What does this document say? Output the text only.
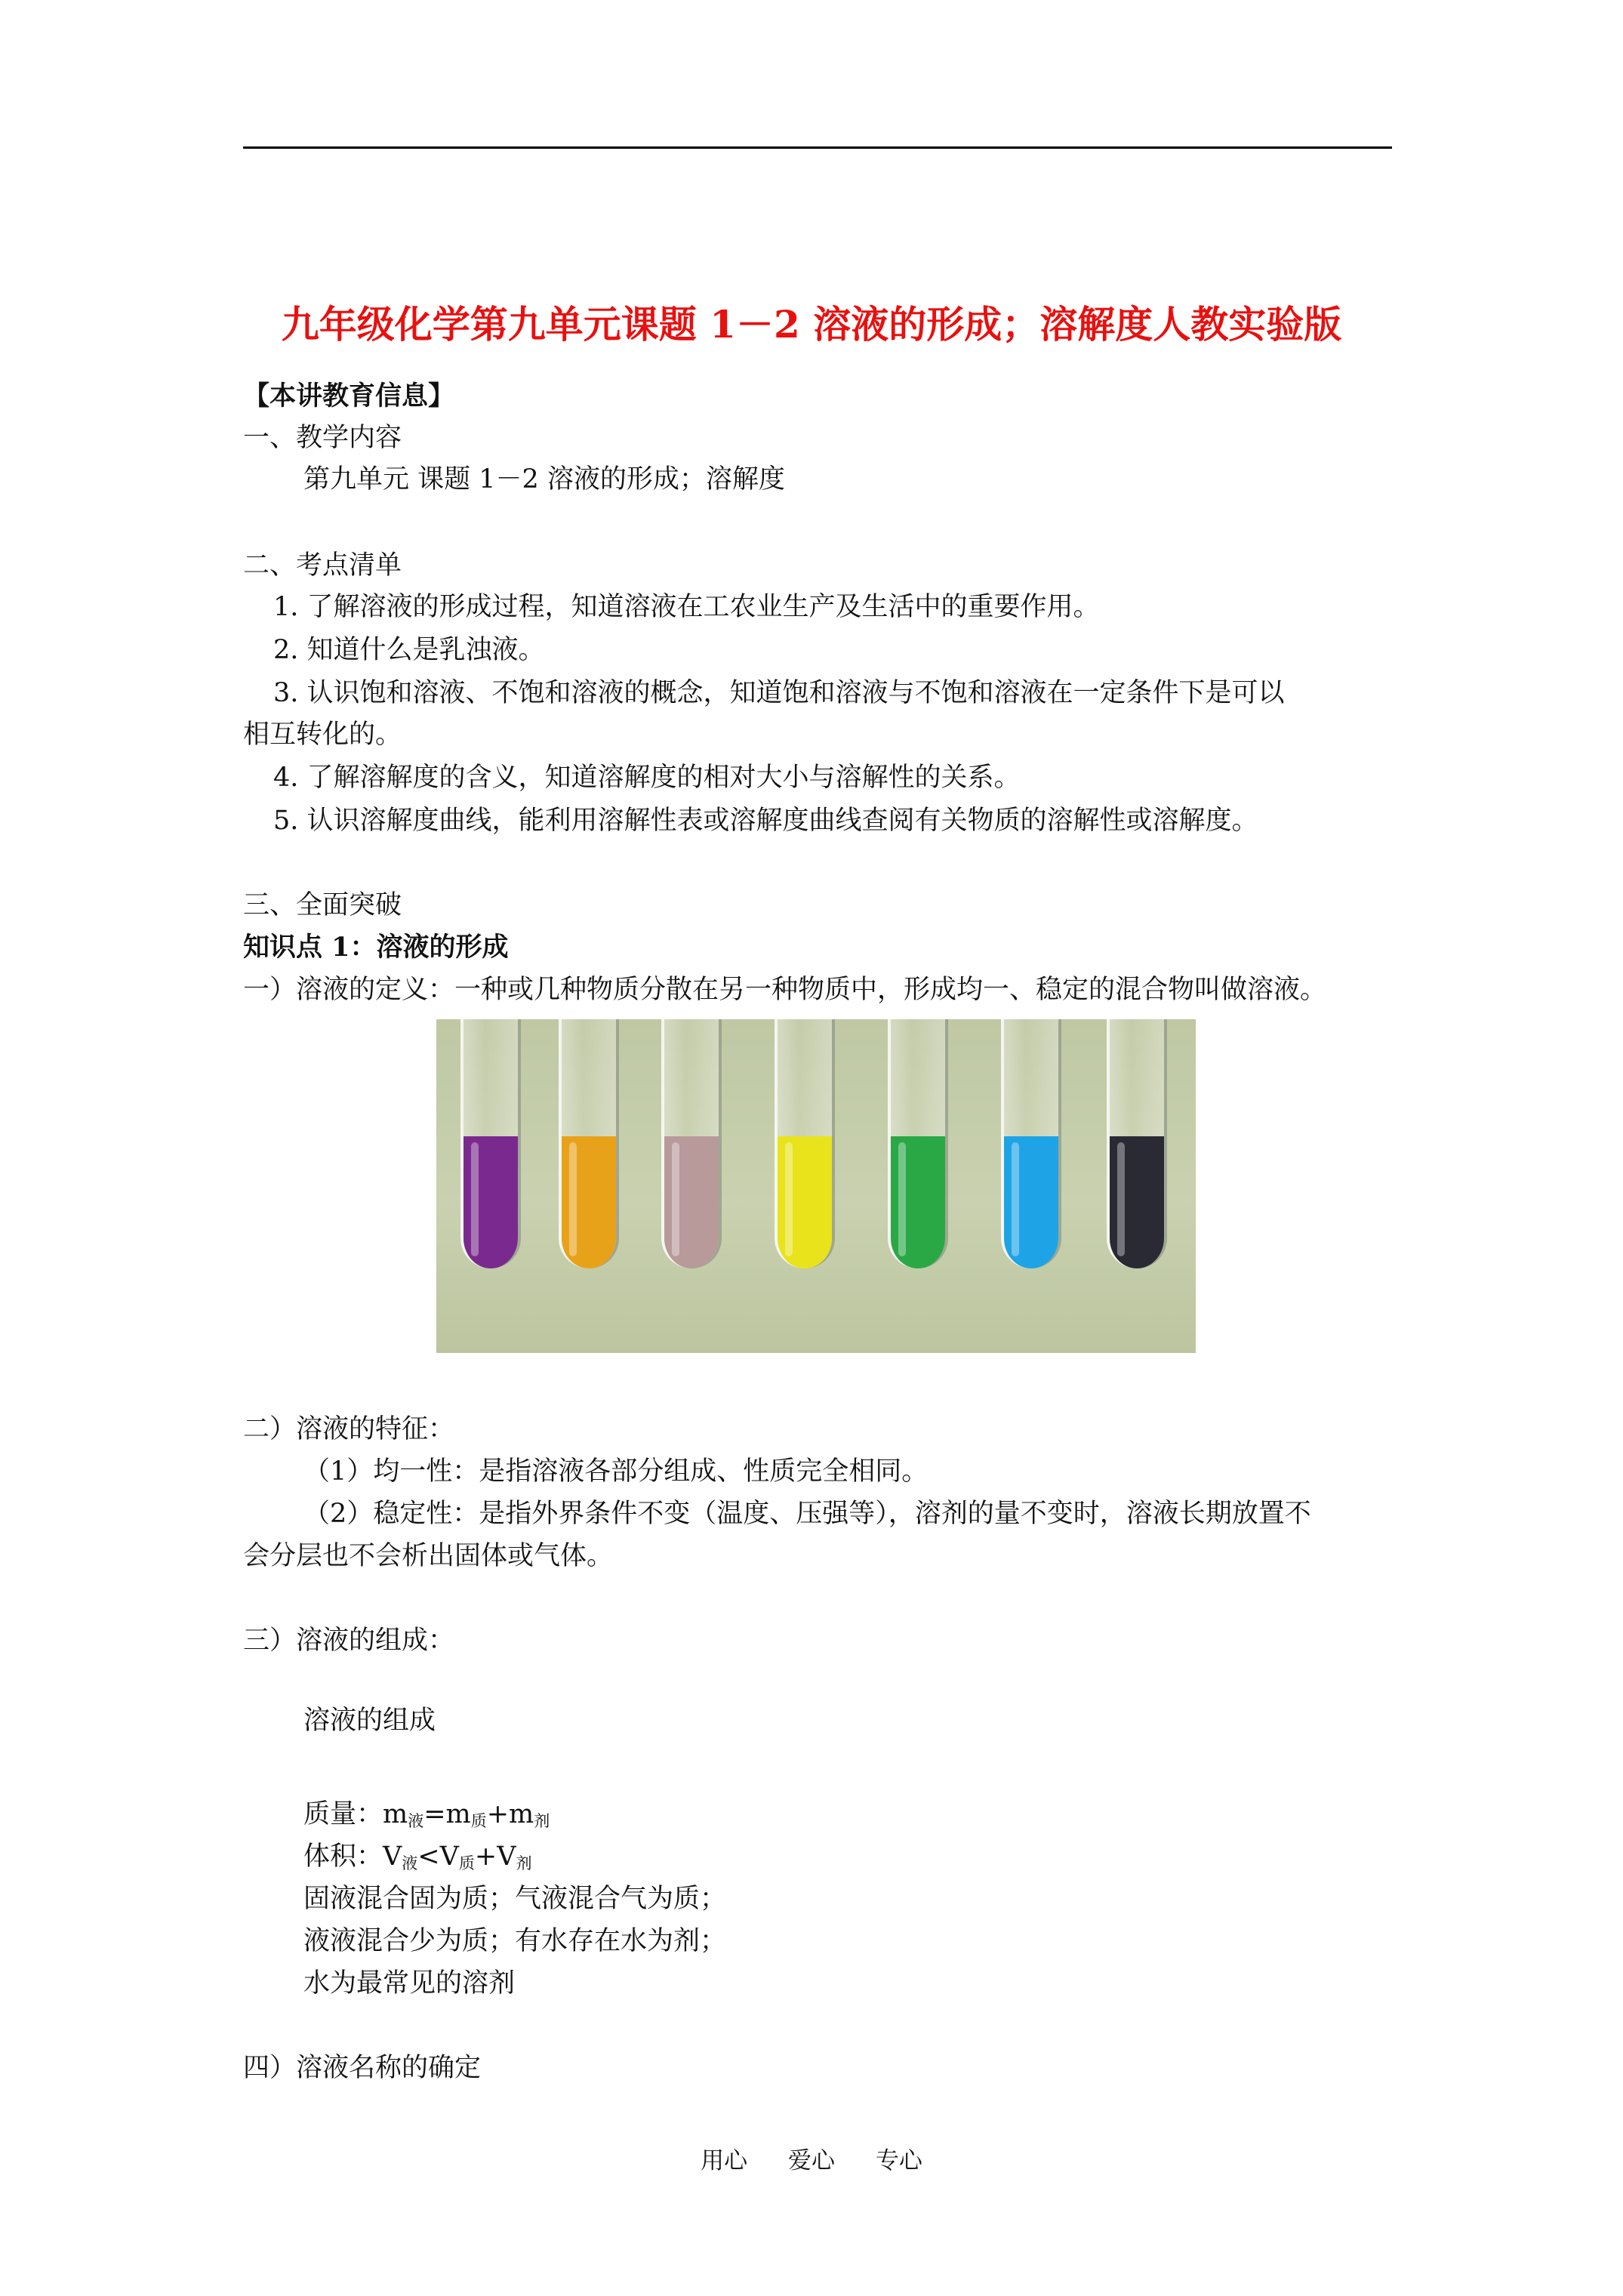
九年级化学第九单元课题 1－2 溶液的形成；溶解度人教实验版
【本讲教育信息】
一、教学内容
第九单元 课题 1－2 溶液的形成；溶解度
二、考点清单
1. 了解溶液的形成过程，知道溶液在工农业生产及生活中的重要作用。
2. 知道什么是乳浊液。
3. 认识饱和溶液、不饱和溶液的概念，知道饱和溶液与不饱和溶液在一定条件下是可以
相互转化的。
4. 了解溶解度的含义，知道溶解度的相对大小与溶解性的关系。
5. 认识溶解度曲线，能利用溶解性表或溶解度曲线查阅有关物质的溶解性或溶解度。
三、全面突破
知识点 1：溶液的形成
一）溶液的定义：一种或几种物质分散在另一种物质中，形成均一、稳定的混合物叫做溶液。
二）溶液的特征：
（1）均一性：是指溶液各部分组成、性质完全相同。
（2）稳定性：是指外界条件不变（温度、压强等），溶剂的量不变时，溶液长期放置不
会分层也不会析出固体或气体。
三）溶液的组成：
溶液的组成
质量：$m_液=m_质+m_剂$
体积：$V_液<V_质+V_剂$
固液混合固为质；气液混合气为质；
液液混合少为质；有水存在水为剂；
水为最常见的溶剂
四）溶液名称的确定
用心 爱心 专心
